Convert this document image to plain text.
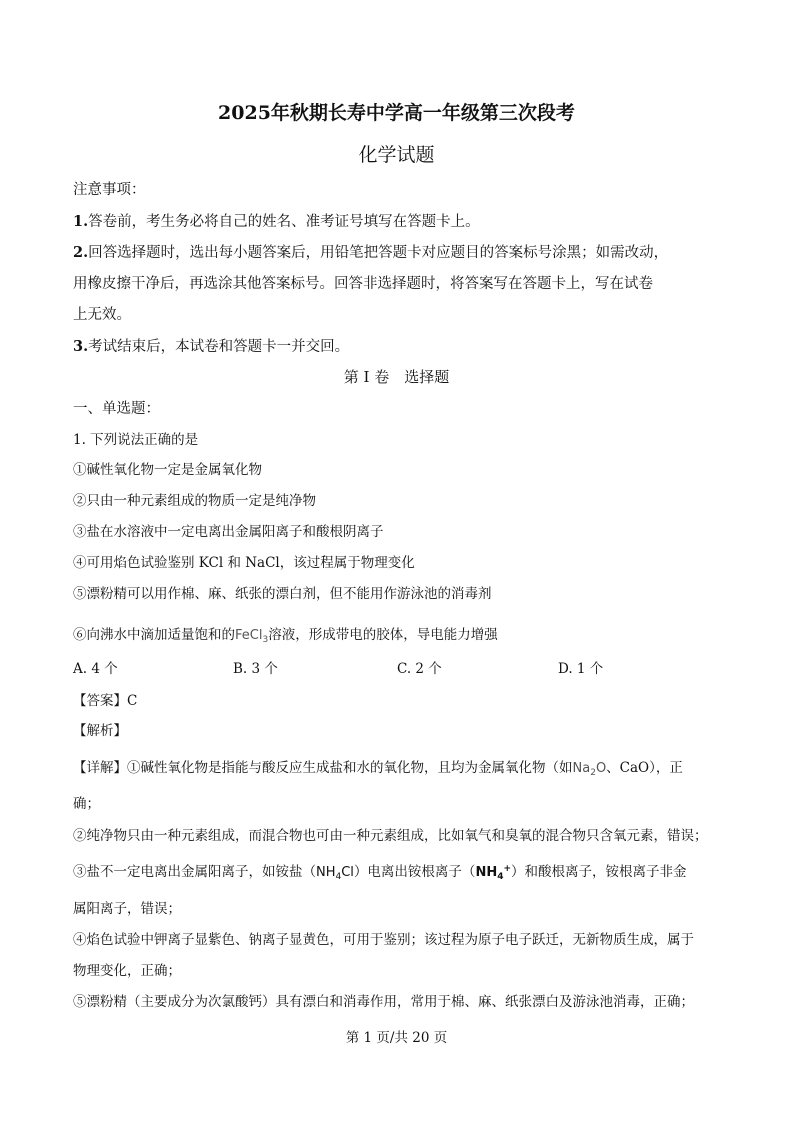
2025年秋期长寿中学高一年级第三次段考
化学试题
注意事项：
1.答卷前，考生务必将自己的姓名、准考证号填写在答题卡上。
2.回答选择题时，选出每小题答案后，用铅笔把答题卡对应题目的答案标号涂黑；如需改动，
用橡皮擦干净后，再选涂其他答案标号。回答非选择题时，将答案写在答题卡上，写在试卷
上无效。
3.考试结束后，本试卷和答题卡一并交回。
第 I 卷　选择题
一、单选题：
1. 下列说法正确的是
①碱性氧化物一定是金属氧化物
②只由一种元素组成的物质一定是纯净物
③盐在水溶液中一定电离出金属阳离子和酸根阴离子
④可用焰色试验鉴别 KCl 和 NaCl，该过程属于物理变化
⑤漂粉精可以用作棉、麻、纸张的漂白剂，但不能用作游泳池的消毒剂
⑥向沸水中滴加适量饱和的FeCl$_3$溶液，形成带电的胶体，导电能力增强
A. 4 个	B. 3 个	C. 2 个	D. 1 个
【答案】C
【解析】
【详解】①碱性氧化物是指能与酸反应生成盐和水的氧化物，且均为金属氧化物（如$Na_2O$、CaO），正
确；
②纯净物只由一种元素组成，而混合物也可由一种元素组成，比如氧气和臭氧的混合物只含氧元素，错误；
③盐不一定电离出金属阳离子，如铵盐$(NH_4Cl)$电离出铵根离子$(NH_4^+)$和酸根离子，铵根离子非金
属阳离子，错误；
④焰色试验中钾离子显紫色、钠离子显黄色，可用于鉴别；该过程为原子电子跃迁，无新物质生成，属于
物理变化，正确；
⑤漂粉精（主要成分为次氯酸钙）具有漂白和消毒作用，常用于棉、麻、纸张漂白及游泳池消毒，正确；
第 1 页/共 20 页
